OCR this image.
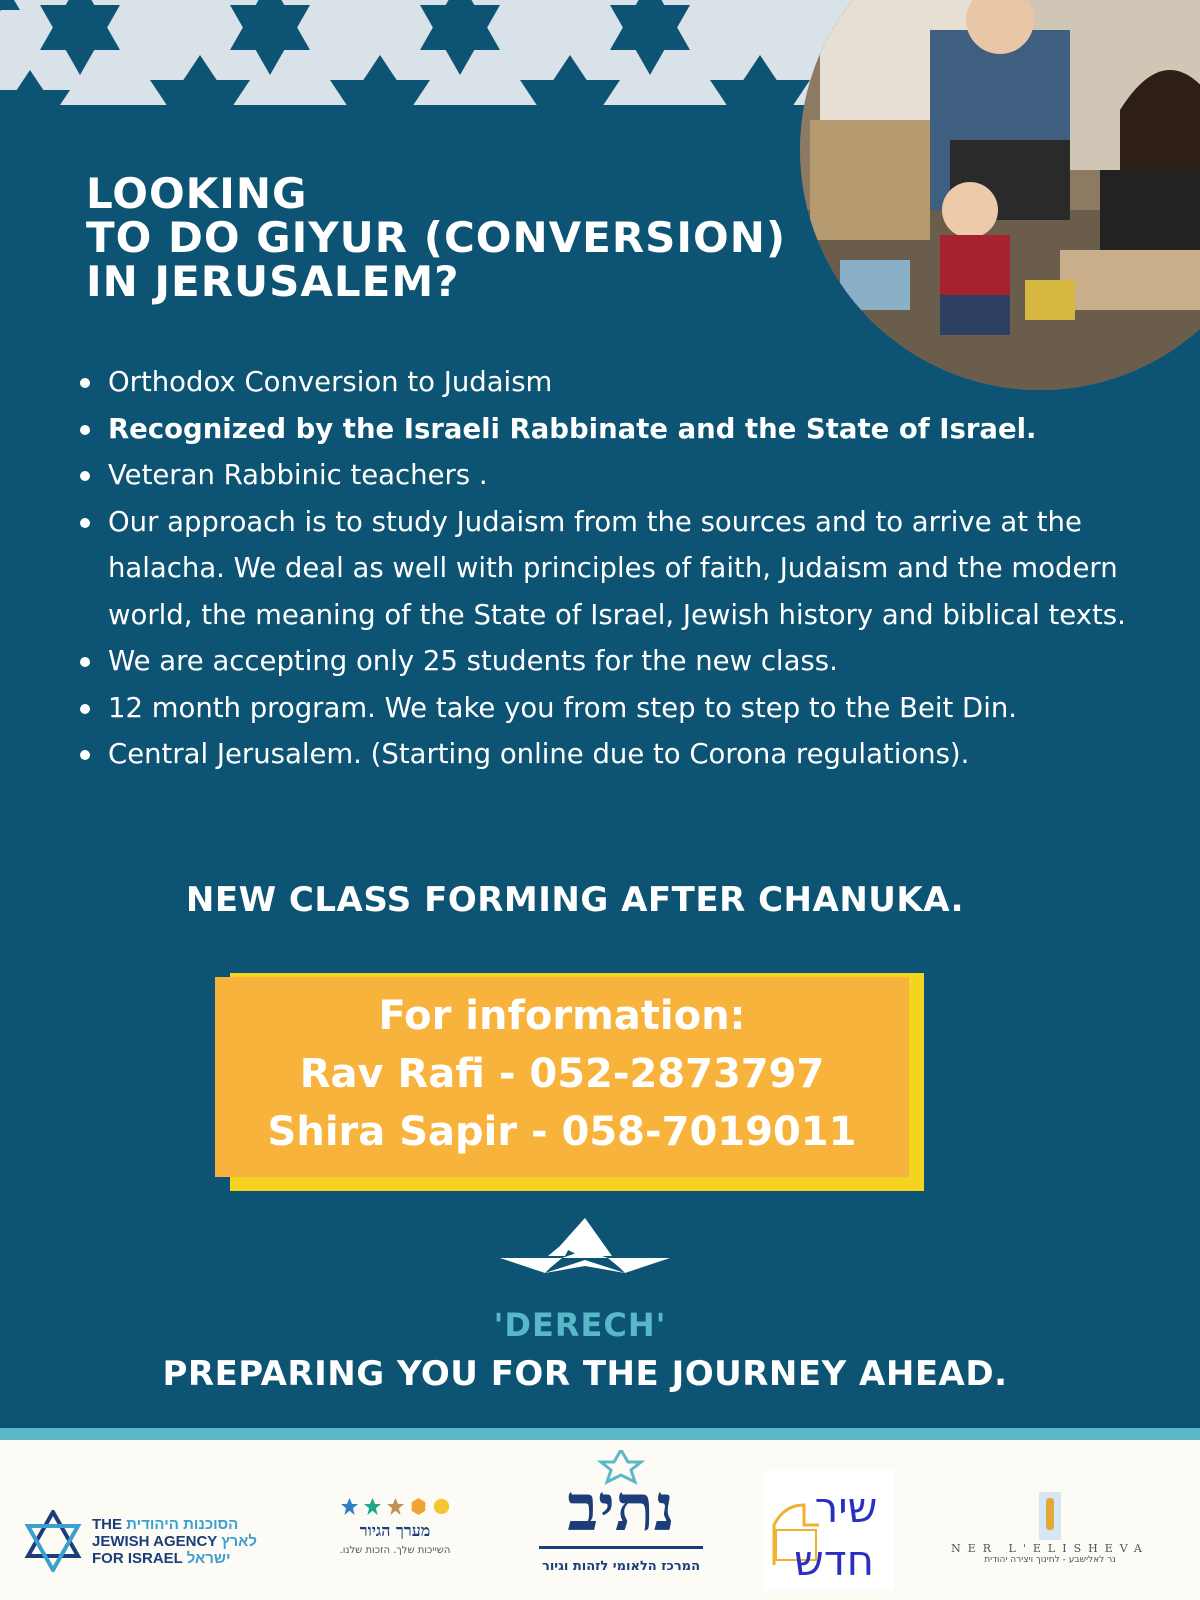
LOOKING
TO DO GIYUR (CONVERSION)
IN JERUSALEM?
Orthodox Conversion to Judaism
Recognized by the Israeli Rabbinate and the State of Israel.
Veteran Rabbinic teachers .
Our approach is to study Judaism from the sources and to arrive at the halacha. We deal as well with principles of faith, Judaism and the modern world, the meaning of the State of Israel, Jewish history and biblical texts.
We are accepting only 25 students for the new class.
12 month program. We take you from step to step to the Beit Din.
Central Jerusalem. (Starting online due to Corona regulations).
NEW CLASS FORMING AFTER CHANUKA.
For information:
Rav Rafi - 052-2873797
Shira Sapir - 058-7019011
'DERECH'
PREPARING YOU FOR THE JOURNEY AHEAD.
THE הסוכנות היהודית
JEWISH AGENCY לארץ
FOR ISRAEL ישראל
מערך הגיור
השייכות שלך. הזכות שלנו.
נתיב
המרכז הלאומי לזהות וגיור
שיר
חדש	NER L'ELISHEVA
נר לאלישבע - לחינוך ויצירה יהודית
